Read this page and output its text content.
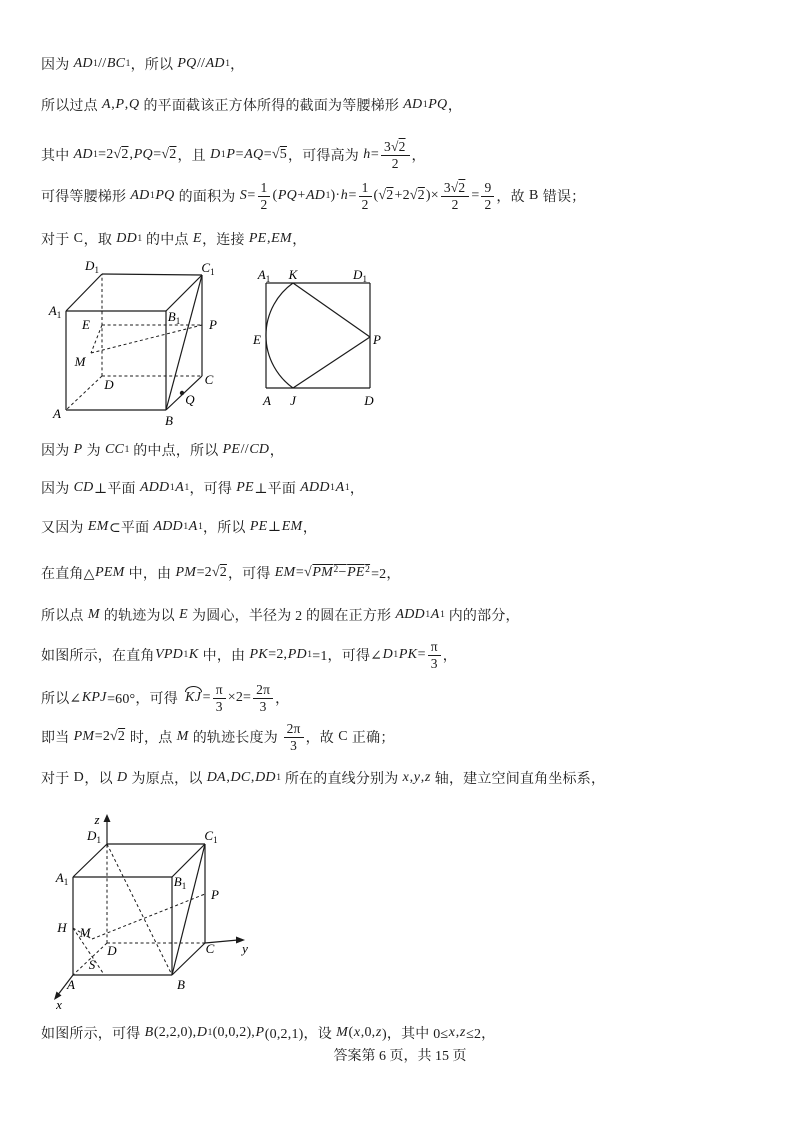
因为 AD 1 // BC 1 ，所以 PQ // AD 1 ，
所以过点 A , P , Q 的平面截该正方体所得的截面为等腰梯形 AD 1 PQ ，
其中 AD 1 =2 √2 , PQ = √2 ，且 D 1 P = AQ = √5 ，可得高为 $h = \frac{3√2}{2}$ ，
可得等腰梯形 AD 1 PQ 的面积为 $S = \frac{1}{2}$ ( PQ + AD 1 )· $h = \frac{1}{2}$ ( √2 +2 √2 )× $\frac{3√2}{2} = \frac{9}{2}$ ，故 B 错误；
对于 C ，取 DD 1 的中点 E ，连接 PE , EM ，
因为 P 为 CC 1 的中点，所以 PE // CD ，
因为 CD ⊥平面 ADD 1 A 1 ，可得 PE ⊥平面 ADD 1 A 1 ，
又因为 EM ⊂平面 ADD 1 A 1 ，所以 PE ⊥ EM ，
在直角△ PEM 中，由 PM =2 √2 ，可得 EM = $√PM^2-PE^2 =2$，
所以点 M 的轨迹为以 E 为圆心，半径为 2 的圆在正方形 ADD 1 A 1 内的部分，
如图所示，在直角 VPD 1 K 中，由 PK =2, PD 1 =1，可得∠ D 1 PK = $\frac{\pi}{3}$ ，
所以∠ KPJ =60°，可得 KJ = $\frac{\pi}{3} \times 2= \frac{2\pi}{3}$ ，
即当 PM =2 √2 时，点 M 的轨迹长度为 $\frac{2\pi}{3}$ ，故 C 正确；
对于 D ，以 D 为原点，以 DA , DC , DD 1 所在的直线分别为 x , y , z 轴，建立空间直角坐标系，
如图所示，可得 B (2,2,0), D 1 (0,0,2), P (0,2,1)，设 M ( x ,0, z )，其中 0≤ x , z ≤2，
$D_1$	$C_1$
$A_1$	$B_1$
E	P
M
D	C
Q
A	B
$A_1$ K	$D_1$
E	P
A J	D
z
$D_1$	$C_1$
$A_1$	$B_1$
P
H M
D	C y
S
A	B
x
答案第 6 页，共 15 页
